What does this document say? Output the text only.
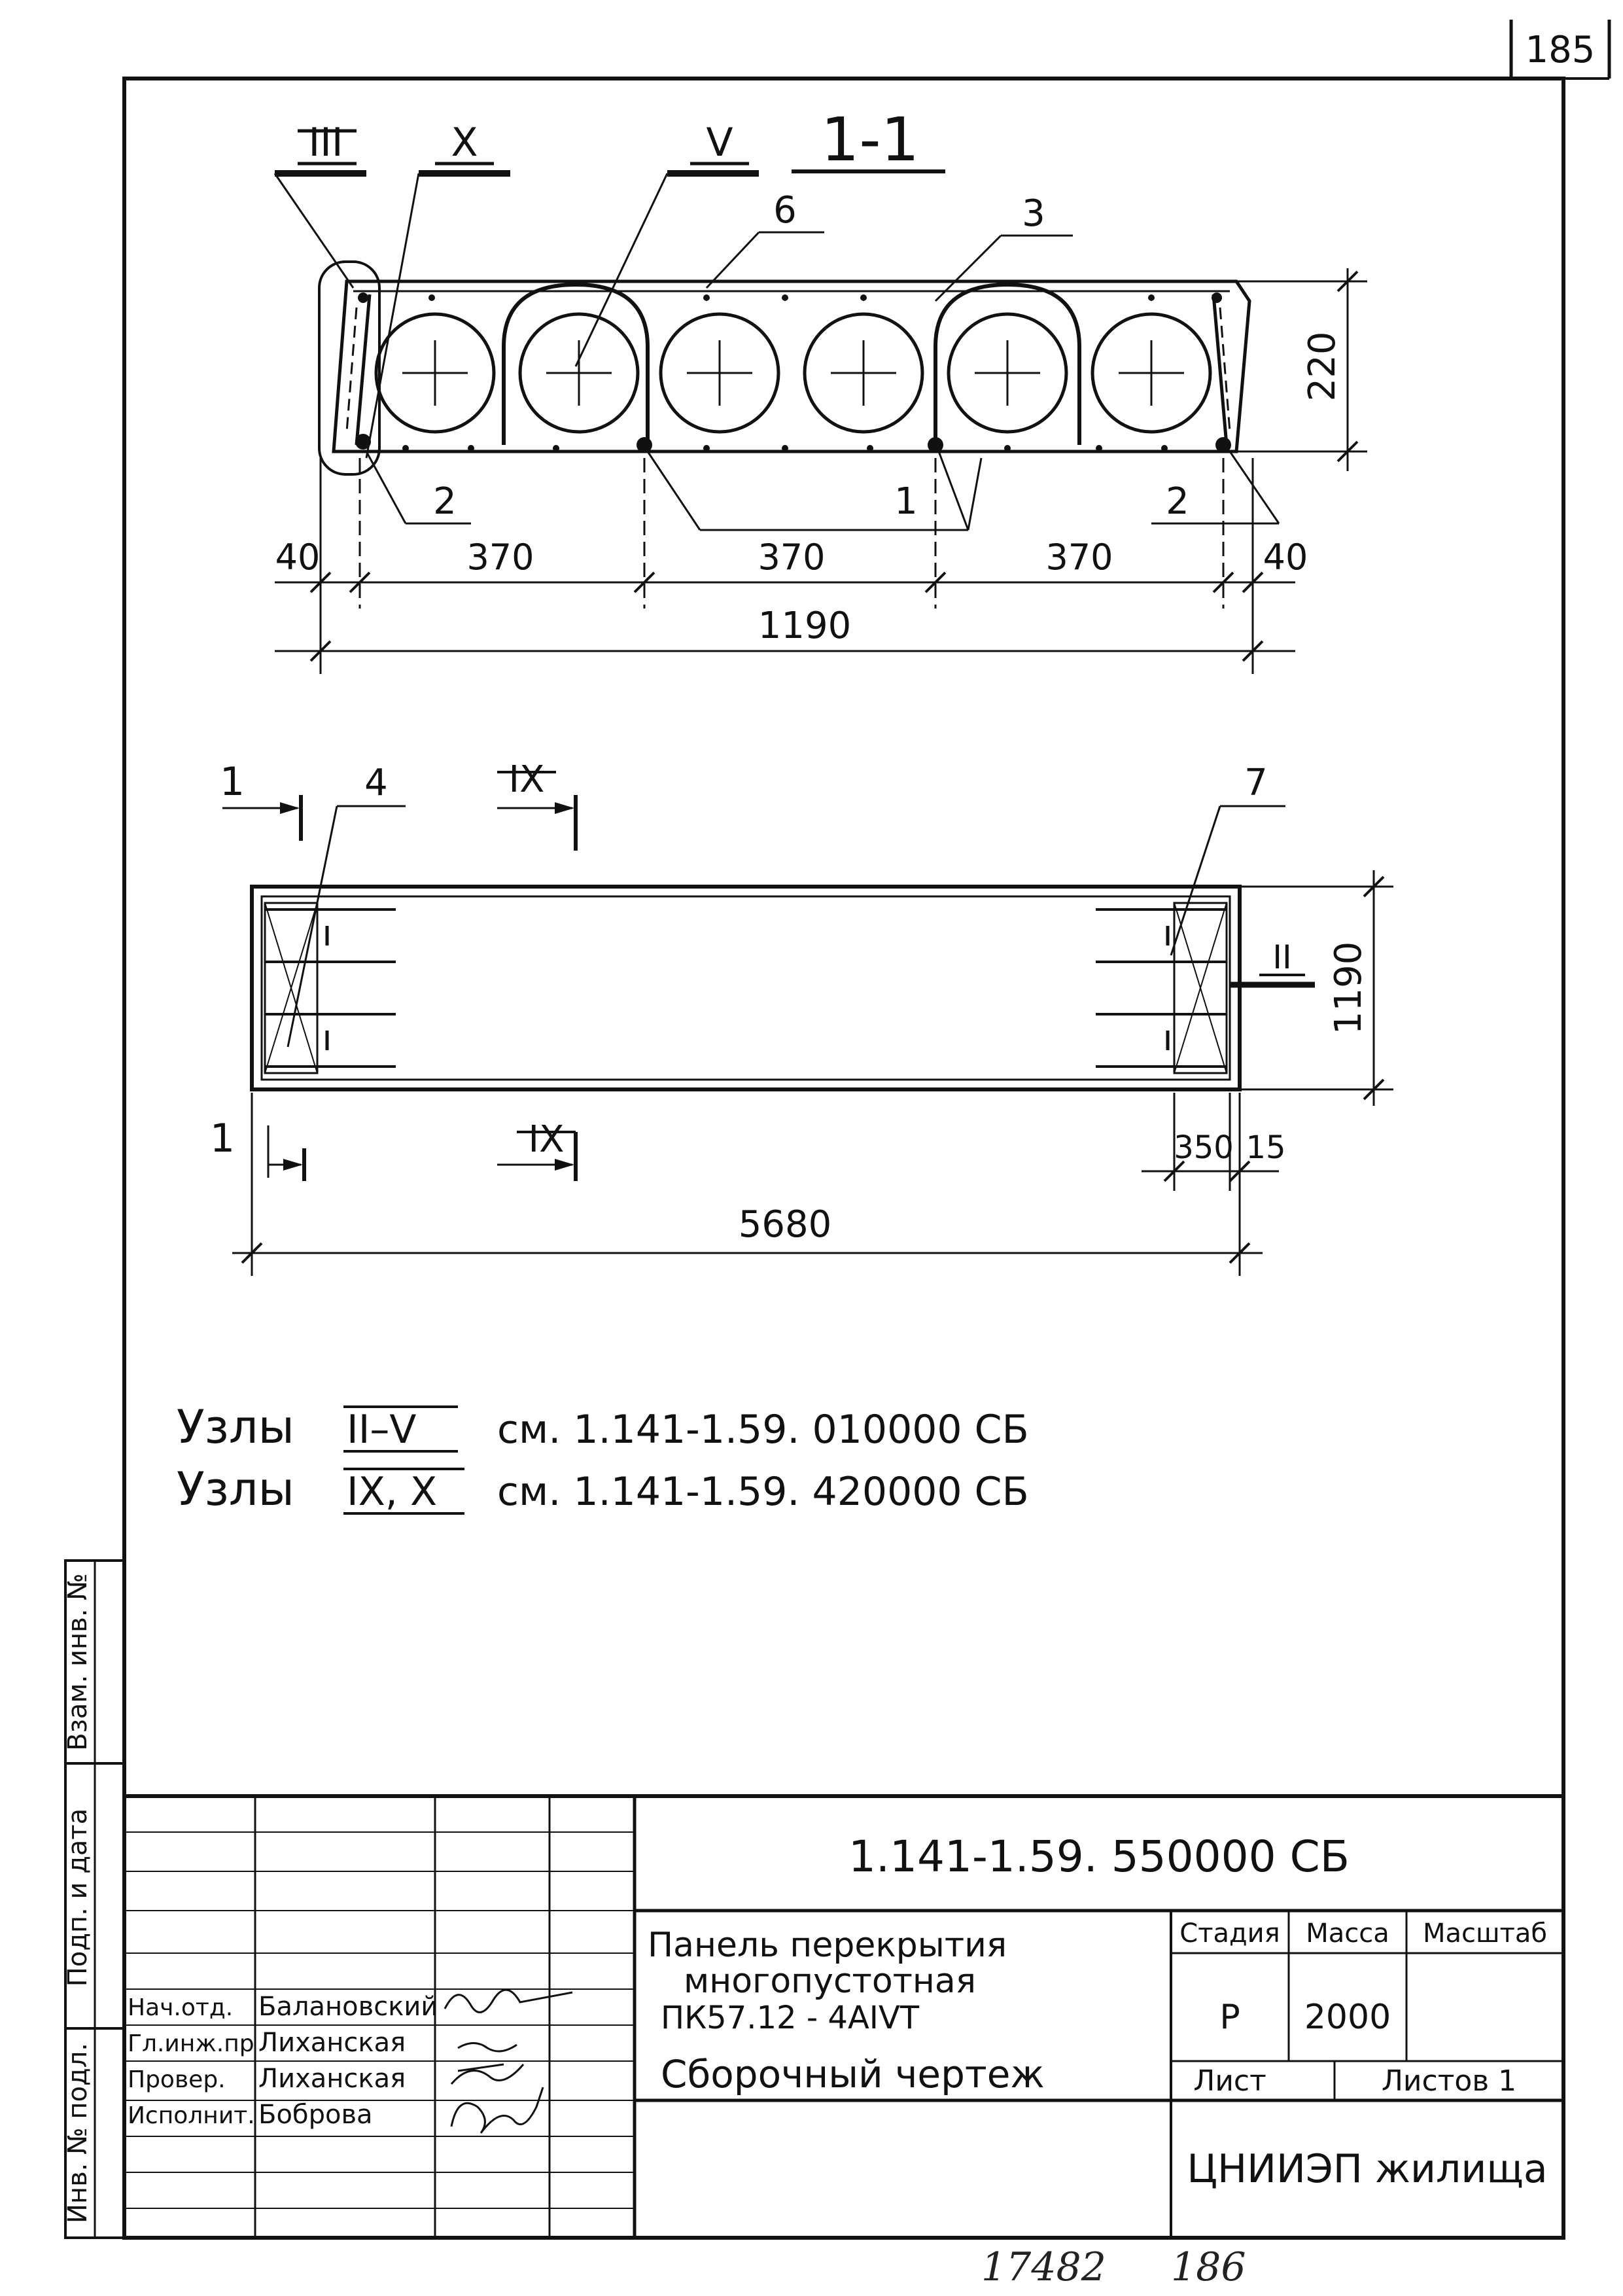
185
1-1
III	X	V
6	3
220
2	1	2
40	370	370	370	40
1190
1	IX
4	7
II 1190
1	IX	350 15
5680
Узлы II–V см. 1.141-1.59. 010000 СБ
Узлы IX, X см. 1.141-1.59. 420000 СБ
Взам. инв. №
Подп. и дата
Инв. № подл.
Нач.отд. Балановский
Гл.инж.пр Лиханская
Провер. Лиханская
Исполнит. Боброва
1.141-1.59. 550000 СБ
Панель перекрытия
многопустотная
ПК57.12 - 4АIVТ
Сборочный чертеж
Стадия Масса Масштаб
Р 2000
Лист	Листов 1
ЦНИИЭП жилища
17482 186
